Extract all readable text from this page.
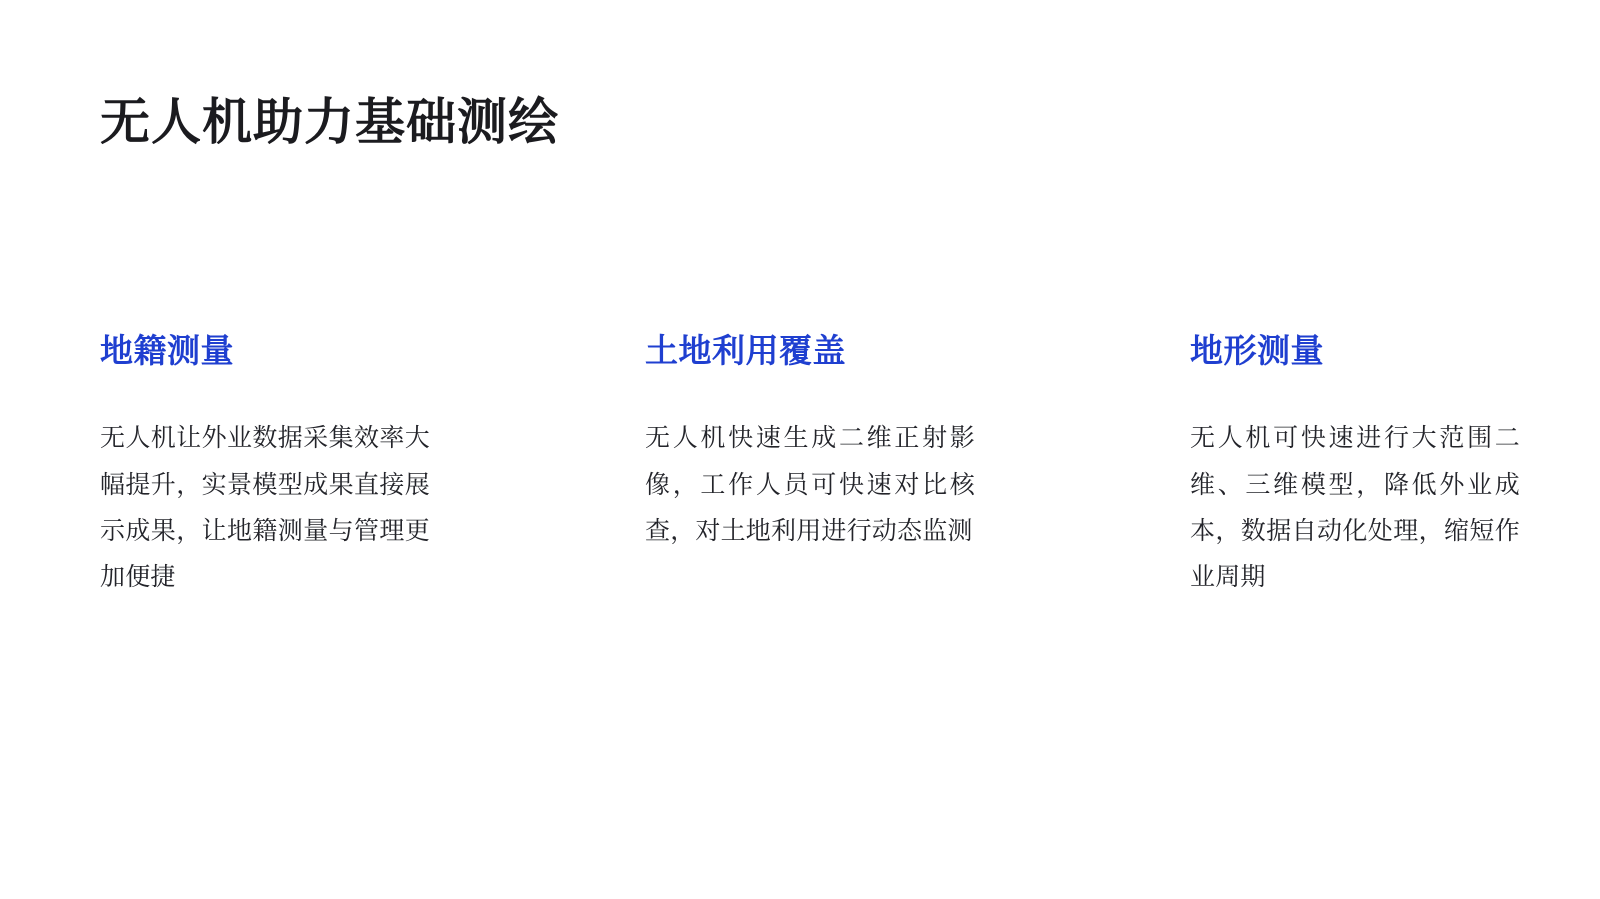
无人机助力基础测绘
地籍测量
无人机让外业数据采集效率大幅提升，实景模型成果直接展示成果，让地籍测量与管理更加便捷
土地利用覆盖
无人机快速生成二维正射影像，工作人员可快速对比核查，对土地利用进行动态监测
地形测量
无人机可快速进行大范围二维、三维模型，降低外业成本，数据自动化处理，缩短作业周期
